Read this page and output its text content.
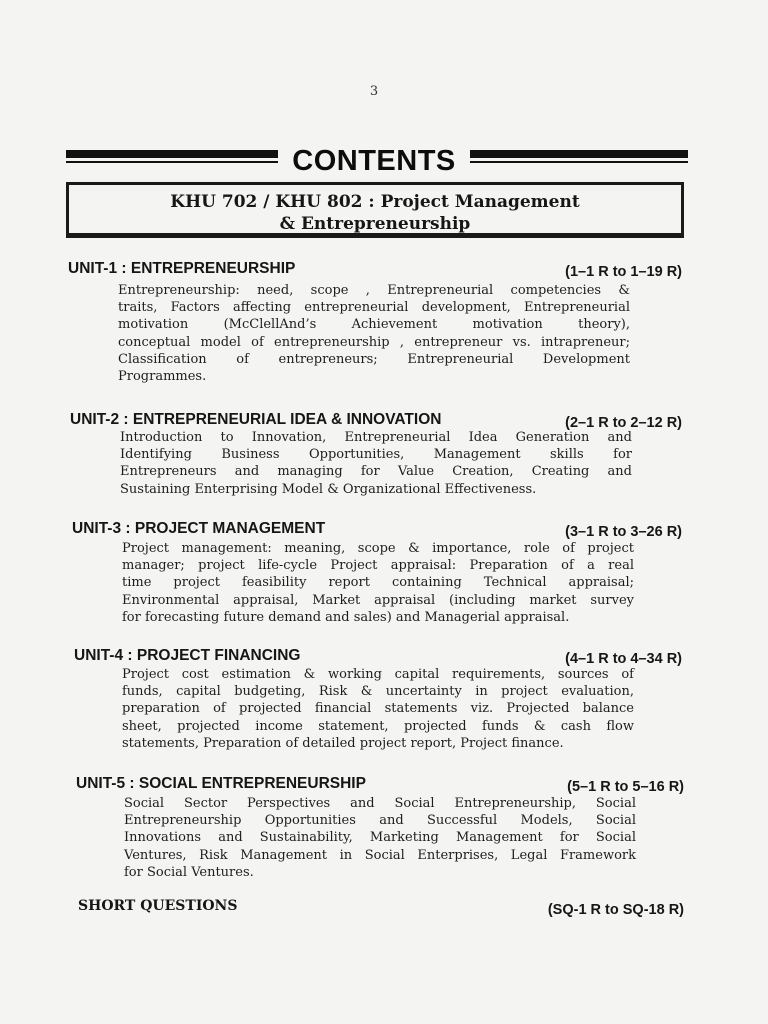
3
CONTENTS
KHU 702 / KHU 802 : Project Management
& Entrepreneurship
UNIT-1 : ENTREPRENEURSHIP	(1–1 R to 1–19 R)
Entrepreneurship: need, scope , Entrepreneurial competencies &
traits, Factors affecting entrepreneurial development, Entrepreneurial
motivation (McClellAnd’s Achievement motivation theory),
conceptual model of entrepreneurship , entrepreneur vs. intrapreneur;
Classification of entrepreneurs; Entrepreneurial Development
Programmes.
UNIT-2 : ENTREPRENEURIAL IDEA & INNOVATION	(2–1 R to 2–12 R)
Introduction to Innovation, Entrepreneurial Idea Generation and
Identifying Business Opportunities, Management skills for
Entrepreneurs and managing for Value Creation, Creating and
Sustaining Enterprising Model & Organizational Effectiveness.
UNIT-3 : PROJECT MANAGEMENT	(3–1 R to 3–26 R)
Project management: meaning, scope & importance, role of project
manager; project life-cycle Project appraisal: Preparation of a real
time project feasibility report containing Technical appraisal;
Environmental appraisal, Market appraisal (including market survey
for forecasting future demand and sales) and Managerial appraisal.
UNIT-4 : PROJECT FINANCING	(4–1 R to 4–34 R)
Project cost estimation & working capital requirements, sources of
funds, capital budgeting, Risk & uncertainty in project evaluation,
preparation of projected financial statements viz. Projected balance
sheet, projected income statement, projected funds & cash flow
statements, Preparation of detailed project report, Project finance.
UNIT-5 : SOCIAL ENTREPRENEURSHIP	(5–1 R to 5–16 R)
Social Sector Perspectives and Social Entrepreneurship, Social
Entrepreneurship Opportunities and Successful Models, Social
Innovations and Sustainability, Marketing Management for Social
Ventures, Risk Management in Social Enterprises, Legal Framework
for Social Ventures.
SHORT QUESTIONS	(SQ-1 R to SQ-18 R)
